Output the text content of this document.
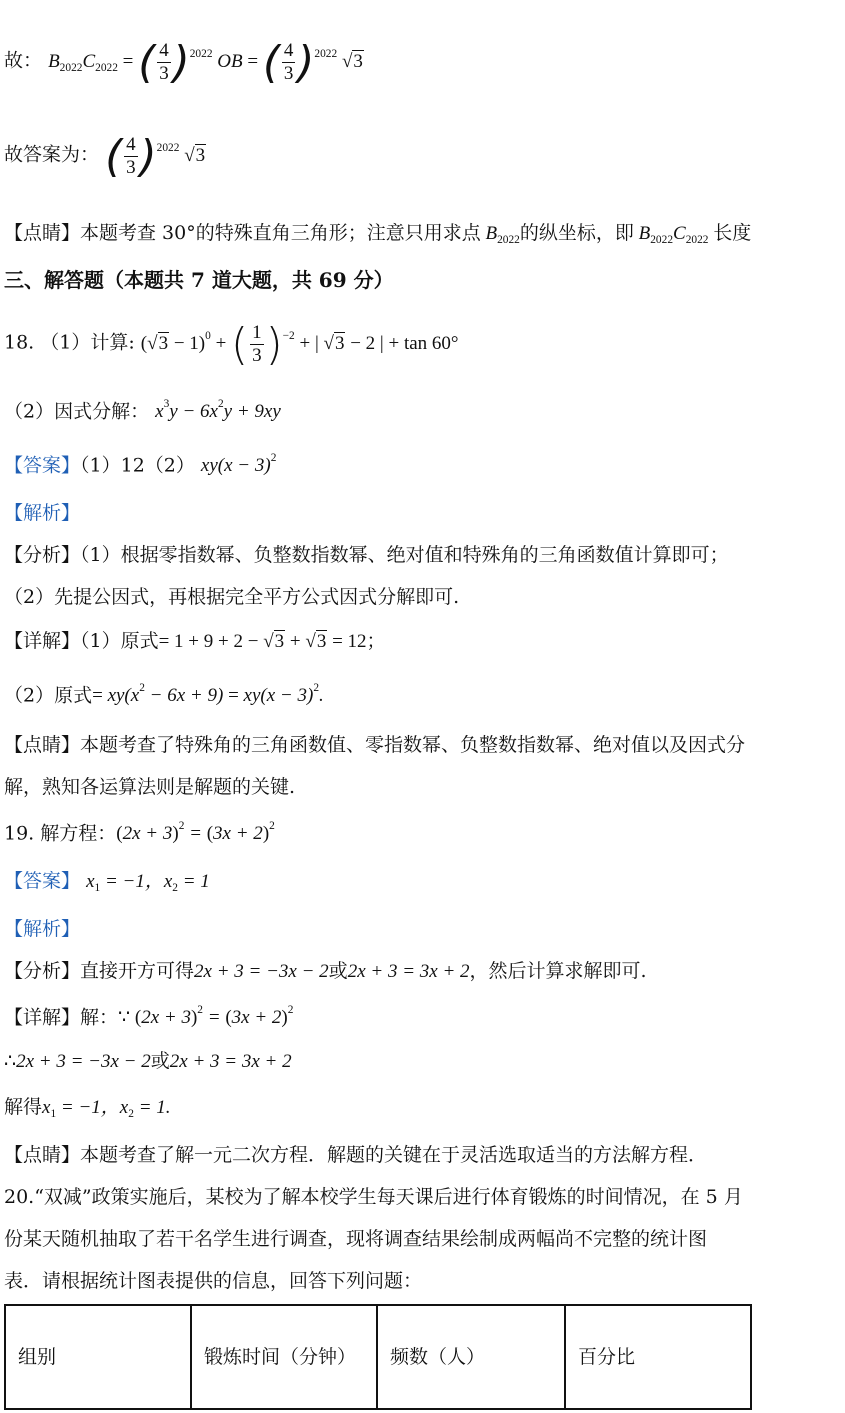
故： $B_{2022}C_{2022}$ = ( $\frac{4}{3} )^{2022}$ OB = ( $\frac{4}{3} )^{2022}$ √3
故答案为： ( $\frac{4}{3} )^{2022}$ √3
【点睛】本题考查 30°的特殊直角三角形；注意只用求点 $B_{2022}$的纵坐标，即 $B_{2022}C_{2022}$ 长度
三、解答题（本题共 7 道大题，共 69 分）
18. （1）计算: $(√3 - 1)^0$ + ( $\frac{1}{3} )^{-2}$ + | √3 − 2 | + tan 60°
（2）因式分解： $x^3y - 6x^2y + 9xy$
【答案】（1）12（2） $xy(x - 3)^2$
【解析】
【分析】（1）根据零指数幂、负整数指数幂、绝对值和特殊角的三角函数值计算即可；
（2）先提公因式，再根据完全平方公式因式分解即可.
【详解】（1）原式= 1 + 9 + 2 − √3 + √3 = 12；
（2）原式= $xy(x^2 - 6x + 9) = xy(x - 3)^2$.
【点睛】本题考查了特殊角的三角函数值、零指数幂、负整数指数幂、绝对值以及因式分
解，熟知各运算法则是解题的关键.
19. 解方程：$(2x + 3)^2 = (3x + 2)^2$
【答案】 $x_1 = -1$，$x_2 = 1$
【解析】
【分析】直接开方可得2x + 3 = −3x − 2或2x + 3 = 3x + 2，然后计算求解即可.
【详解】解：∵ $(2x + 3)^2 = (3x + 2)^2$
∴2x + 3 = −3x − 2或2x + 3 = 3x + 2
解得$x_1 = -1$，$x_2 = 1$.
【点睛】本题考查了解一元二次方程．解题的关键在于灵活选取适当的方法解方程．
20.“双减”政策实施后，某校为了解本校学生每天课后进行体育锻炼的时间情况，在 5 月
份某天随机抽取了若干名学生进行调查，现将调查结果绘制成两幅尚不完整的统计图
表．请根据统计图表提供的信息，回答下列问题：
组别	锻炼时间（分钟）	频数（人）	百分比
